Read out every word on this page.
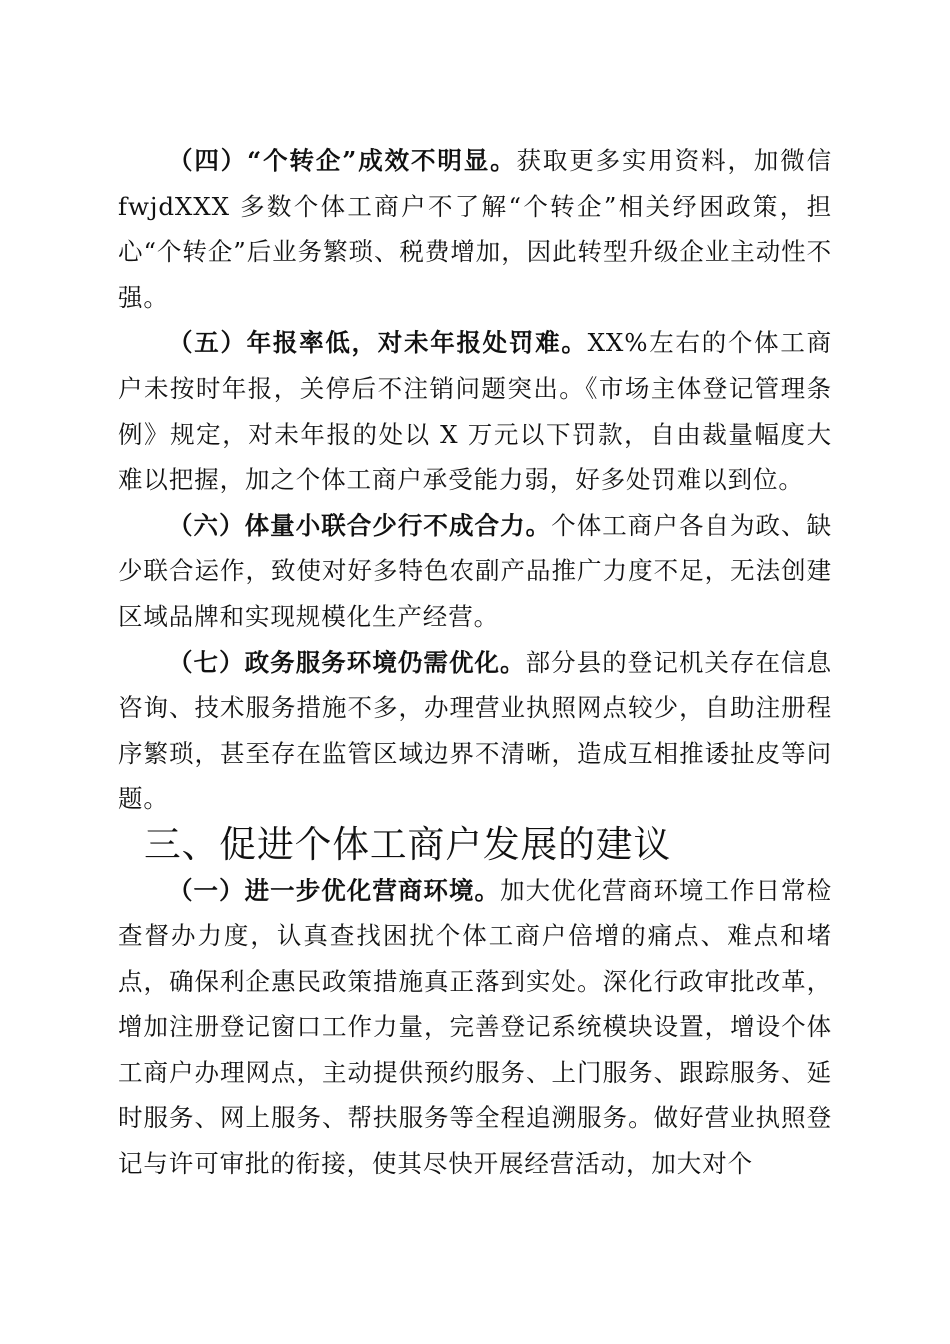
（四）“个转企”成效不明显。获取更多实用资料，加微信fwjdXXX 多数个体工商户不了解“个转企”相关纾困政策，担心“个转企”后业务繁琐、税费增加，因此转型升级企业主动性不强。

（五）年报率低，对未年报处罚难。XX%左右的个体工商户未按时年报，关停后不注销问题突出。《市场主体登记管理条例》规定，对未年报的处以 X 万元以下罚款，自由裁量幅度大难以把握，加之个体工商户承受能力弱，好多处罚难以到位。

（六）体量小联合少行不成合力。个体工商户各自为政、缺少联合运作，致使对好多特色农副产品推广力度不足，无法创建区域品牌和实现规模化生产经营。

（七）政务服务环境仍需优化。部分县的登记机关存在信息咨询、技术服务措施不多，办理营业执照网点较少，自助注册程序繁琐，甚至存在监管区域边界不清晰，造成互相推诿扯皮等问题。

三、促进个体工商户发展的建议

（一）进一步优化营商环境。加大优化营商环境工作日常检查督办力度，认真查找困扰个体工商户倍增的痛点、难点和堵点，确保利企惠民政策措施真正落到实处。深化行政审批改革，增加注册登记窗口工作力量，完善登记系统模块设置，增设个体工商户办理网点，主动提供预约服务、上门服务、跟踪服务、延时服务、网上服务、帮扶服务等全程追溯服务。做好营业执照登记与许可审批的衔接，使其尽快开展经营活动，加大对个
